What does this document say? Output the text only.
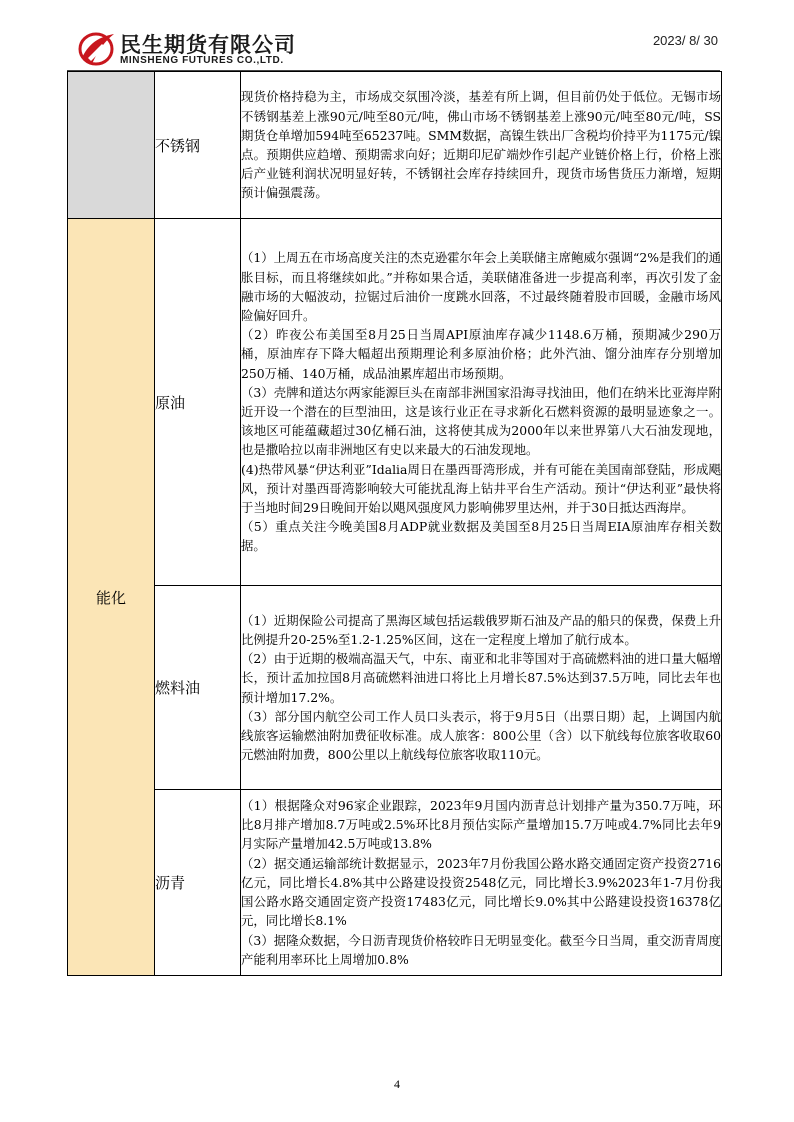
民生期货有限公司
MINSHENG FUTURES CO.,LTD.
2023/ 8/ 30
	不锈钢	现货价格持稳为主，市场成交氛围冷淡，基差有所上调，但目前仍处于低位。无锡市场不锈钢基差上涨90元/吨至80元/吨，佛山市场不锈钢基差上涨90元/吨至80元/吨，SS期货仓单增加594吨至65237吨。SMM数据，高镍生铁出厂含税均价持平为1175元/镍点。预期供应趋增、预期需求向好；近期印尼矿端炒作引起产业链价格上行，价格上涨后产业链利润状况明显好转，不锈钢社会库存持续回升，现货市场售货压力渐增，短期预计偏强震荡。

能化	原油	（1）上周五在市场高度关注的杰克逊霍尔年会上美联储主席鲍威尔强调“2%是我们的通胀目标，而且将继续如此。”并称如果合适，美联储准备进一步提高利率，再次引发了金融市场的大幅波动，拉锯过后油价一度跳水回落，不过最终随着股市回暖，金融市场风险偏好回升。

（2）昨夜公布美国至8月25日当周API原油库存减少1148.6万桶，预期减少290万桶，原油库存下降大幅超出预期理论利多原油价格；此外汽油、馏分油库存分别增加250万桶、140万桶，成品油累库超出市场预期。

（3）壳牌和道达尔两家能源巨头在南部非洲国家沿海寻找油田，他们在纳米比亚海岸附近开设一个潜在的巨型油田，这是该行业正在寻求新化石燃料资源的最明显迹象之一。该地区可能蕴藏超过30亿桶石油，这将使其成为2000年以来世界第八大石油发现地，也是撒哈拉以南非洲地区有史以来最大的石油发现地。

(4)热带风暴“伊达利亚”Idalia周日在墨西哥湾形成，并有可能在美国南部登陆，形成飓风，预计对墨西哥湾影响较大可能扰乱海上钻井平台生产活动。预计“伊达利亚”最快将于当地时间29日晚间开始以飓风强度风力影响佛罗里达州，并于30日抵达西海岸。

（5）重点关注今晚美国8月ADP就业数据及美国至8月25日当周EIA原油库存相关数据。

	燃料油	（1）近期保险公司提高了黑海区域包括运载俄罗斯石油及产品的船只的保费，保费上升比例提升20-25%至1.2-1.25%区间，这在一定程度上增加了航行成本。

（2）由于近期的极端高温天气，中东、南亚和北非等国对于高硫燃料油的进口量大幅增长，预计孟加拉国8月高硫燃料油进口将比上月增长87.5%达到37.5万吨，同比去年也预计增加17.2%。

（3）部分国内航空公司工作人员口头表示，将于9月5日（出票日期）起，上调国内航线旅客运输燃油附加费征收标准。成人旅客：800公里（含）以下航线每位旅客收取60元燃油附加费，800公里以上航线每位旅客收取110元。

	沥青	（1）根据隆众对96家企业跟踪，2023年9月国内沥青总计划排产量为350.7万吨，环比8月排产增加8.7万吨或2.5%环比8月预估实际产量增加15.7万吨或4.7%同比去年9月实际产量增加42.5万吨或13.8%

（2）据交通运输部统计数据显示，2023年7月份我国公路水路交通固定资产投资2716亿元，同比增长4.8%其中公路建设投资2548亿元，同比增长3.9%2023年1-7月份我国公路水路交通固定资产投资17483亿元，同比增长9.0%其中公路建设投资16378亿元，同比增长8.1%

（3）据隆众数据，今日沥青现货价格较昨日无明显变化。截至今日当周，重交沥青周度产能利用率环比上周增加0.8%

4
